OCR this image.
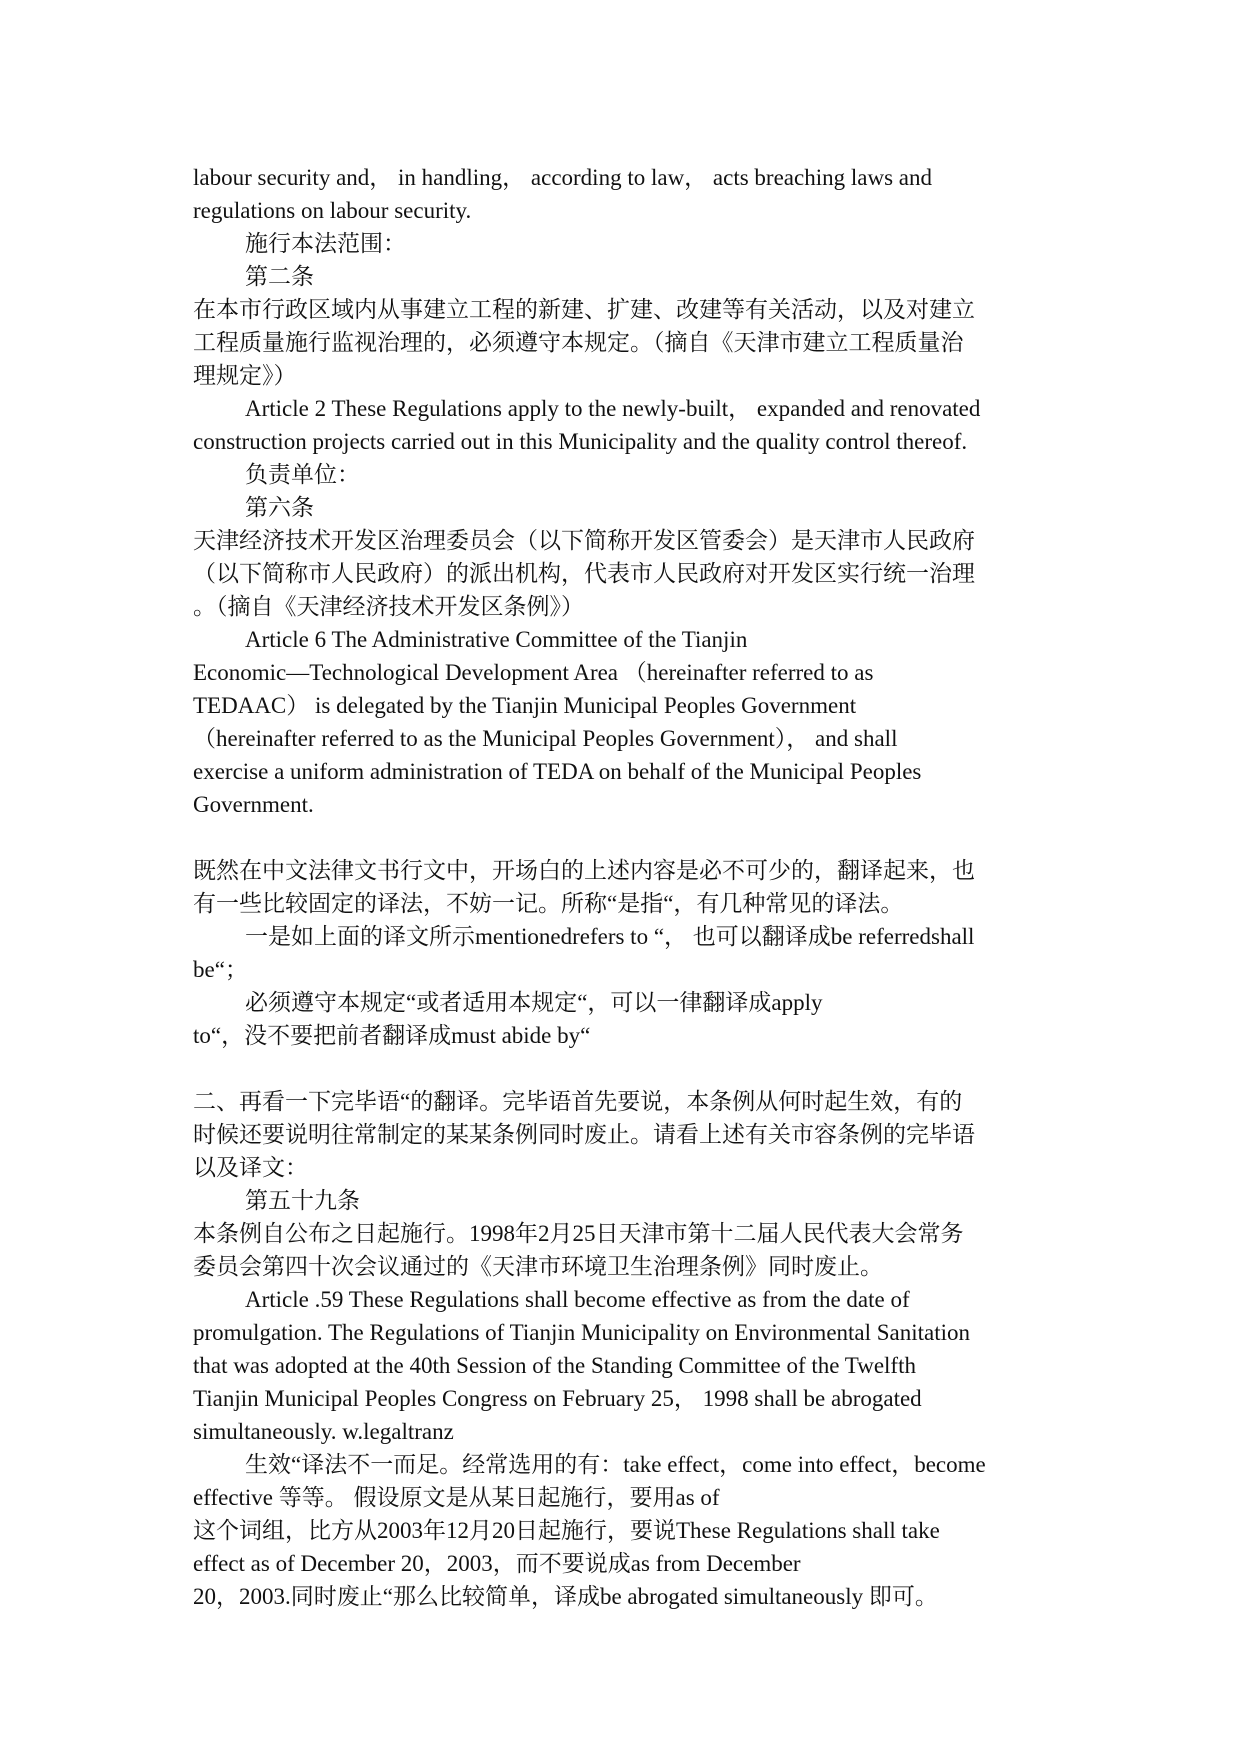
labour security and， in handling， according to law， acts breaching laws and

regulations on labour security.

施行本法范围：

第二条

在本市行政区域内从事建立工程的新建、扩建、改建等有关活动，以及对建立

工程质量施行监视治理的，必须遵守本规定。（摘自《天津市建立工程质量治

理规定》）

Article 2 These Regulations apply to the newly-built， expanded and renovated

construction projects carried out in this Municipality and the quality control thereof.

负责单位：

第六条

天津经济技术开发区治理委员会（以下简称开发区管委会）是天津市人民政府

（以下简称市人民政府）的派出机构，代表市人民政府对开发区实行统一治理

。（摘自《天津经济技术开发区条例》）

Article 6 The Administrative Committee of the Tianjin

Economic—Technological Development Area （hereinafter referred to as

TEDAAC） is delegated by the Tianjin Municipal Peoples Government

（hereinafter referred to as the Municipal Peoples Government）， and shall

exercise a uniform administration of TEDA on behalf of the Municipal Peoples

Government.

既然在中文法律文书行文中，开场白的上述内容是必不可少的，翻译起来，也

有一些比较固定的译法，不妨一记。所称“是指“，有几种常见的译法。

一是如上面的译文所示mentionedrefers to “， 也可以翻译成be referredshall

be“；

必须遵守本规定“或者适用本规定“，可以一律翻译成apply

to“，没不要把前者翻译成must abide by“

二、再看一下完毕语“的翻译。完毕语首先要说，本条例从何时起生效，有的

时候还要说明往常制定的某某条例同时废止。请看上述有关市容条例的完毕语

以及译文：

第五十九条

本条例自公布之日起施行。1998年2月25日天津市第十二届人民代表大会常务

委员会第四十次会议通过的《天津市环境卫生治理条例》同时废止。

Article .59 These Regulations shall become effective as from the date of

promulgation. The Regulations of Tianjin Municipality on Environmental Sanitation

that was adopted at the 40th Session of the Standing Committee of the Twelfth

Tianjin Municipal Peoples Congress on February 25， 1998 shall be abrogated

simultaneously. w.legaltranz

生效“译法不一而足。经常选用的有：take effect，come into effect，become

effective 等等。 假设原文是从某日起施行，要用as of

这个词组，比方从2003年12月20日起施行，要说These Regulations shall take

effect as of December 20，2003，而不要说成as from December

20，2003.同时废止“那么比较简单，译成be abrogated simultaneously 即可。
